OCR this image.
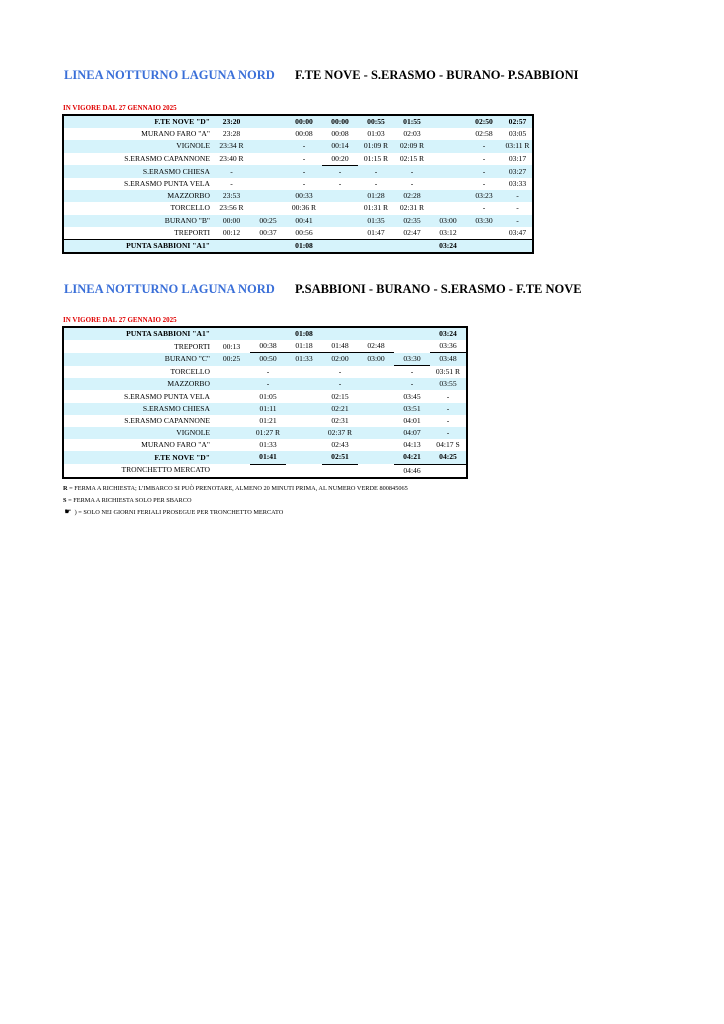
LINEA NOTTURNO LAGUNA NORD F.TE NOVE - S.ERASMO - BURANO- P.SABBIONI
IN VIGORE DAL 27 GENNAIO 2025
F.TE NOVE "D"	23:20		00:00	00:00	00:55	01:55		02:50	02:57	
MURANO FARO "A"	23:28		00:08	00:08	01:03	02:03		02:58	03:05	
VIGNOLE	23:34 R		-	00:14	01:09 R	02:09 R		-	03:11 R	
S.ERASMO CAPANNONE	23:40 R		-	00:20	01:15 R	02:15 R		-	03:17	
S.ERASMO CHIESA	-		-	-	-	-		-	03:27	
S.ERASMO PUNTA VELA	-		-	-	-	-		-	03:33	
MAZZORBO	23:53		00:33		01:28	02:28		03:23	-	
TORCELLO	23:56 R		00:36 R		01:31 R	02:31 R		-	-	
BURANO "B"	00:00	00:25	00:41		01:35	02:35	03:00	03:30	-	
TREPORTI	00:12	00:37	00:56		01:47	02:47	03:12		03:47	
PUNTA SABBIONI "A1"			01:08				03:24			
LINEA NOTTURNO LAGUNA NORD P.SABBIONI - BURANO - S.ERASMO - F.TE NOVE
IN VIGORE DAL 27 GENNAIO 2025
PUNTA SABBIONI "A1"			01:08				03:24
TREPORTI	00:13	00:38	01:18	01:48	02:48		03:36
BURANO "C"	00:25	00:50	01:33	02:00	03:00	03:30	03:48
TORCELLO		-		-		-	03:51 R
MAZZORBO		-		-		-	03:55
S.ERASMO PUNTA VELA		01:05		02:15		03:45	-
S.ERASMO CHIESA		01:11		02:21		03:51	-
S.ERASMO CAPANNONE		01:21		02:31		04:01	-
VIGNOLE		01:27 R		02:37 R		04:07	-
MURANO FARO "A"		01:33		02:43		04:13	04:17 S
F.TE NOVE "D"		01:41		02:51		04:21	04:25
TRONCHETTO MERCATO						04:46	
R = FERMA A RICHIESTA; L'IMBARCO SI PUÒ PRENOTARE, ALMENO 20 MINUTI PRIMA, AL NUMERO VERDE 800845065
S = FERMA A RICHIESTA SOLO PER SBARCO
☛ ) = SOLO NEI GIORNI FERIALI PROSEGUE PER TRONCHETTO MERCATO
